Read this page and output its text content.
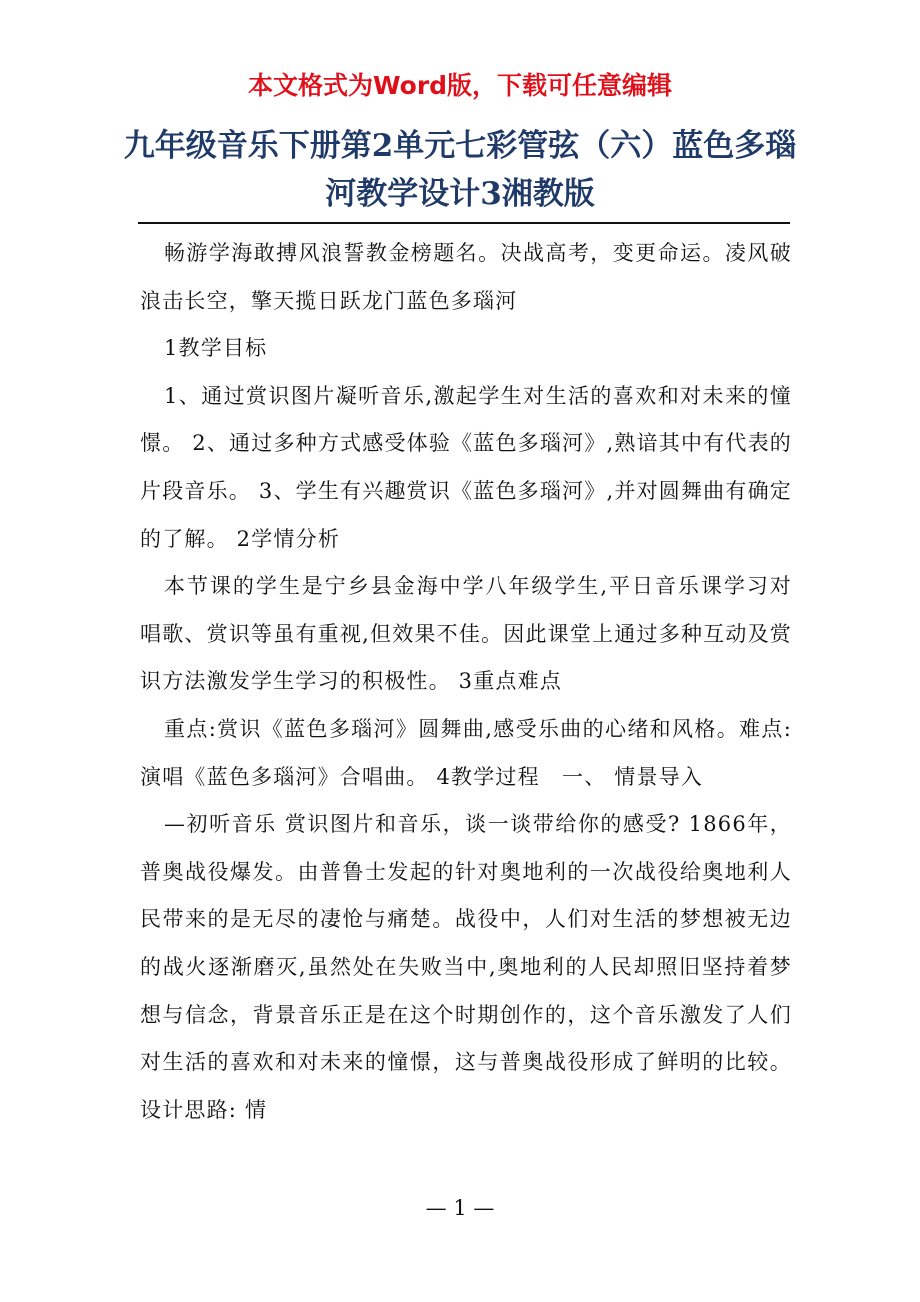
本文格式为Word版，下载可任意编辑
九年级音乐下册第2单元七彩管弦（六）蓝色多瑙河教学设计3湘教版

畅游学海敢搏风浪誓教金榜题名。决战高考，变更命运。凌风破浪击长空，擎天揽日跃龙门蓝色多瑙河

1教学目标

1、通过赏识图片凝听音乐,激起学生对生活的喜欢和对未来的憧憬。 2、通过多种方式感受体验《蓝色多瑙河》,熟谙其中有代表的片段音乐。 3、学生有兴趣赏识《蓝色多瑙河》,并对圆舞曲有确定的了解。 2学情分析

本节课的学生是宁乡县金海中学八年级学生,平日音乐课学习对唱歌、赏识等虽有重视,但效果不佳。因此课堂上通过多种互动及赏识方法激发学生学习的积极性。 3重点难点

重点:赏识《蓝色多瑙河》圆舞曲,感受乐曲的心绪和风格。难点:演唱《蓝色多瑙河》合唱曲。 4教学过程　一、 情景导入

—初听音乐 赏识图片和音乐，谈一谈带给你的感受? 1866年，普奥战役爆发。由普鲁士发起的针对奥地利的一次战役给奥地利人民带来的是无尽的凄怆与痛楚。战役中，人们对生活的梦想被无边的战火逐渐磨灭,虽然处在失败当中,奥地利的人民却照旧坚持着梦想与信念，背景音乐正是在这个时期创作的，这个音乐激发了人们对生活的喜欢和对未来的憧憬，这与普奥战役形成了鲜明的比较。 设计思路: 情

— 1 —
